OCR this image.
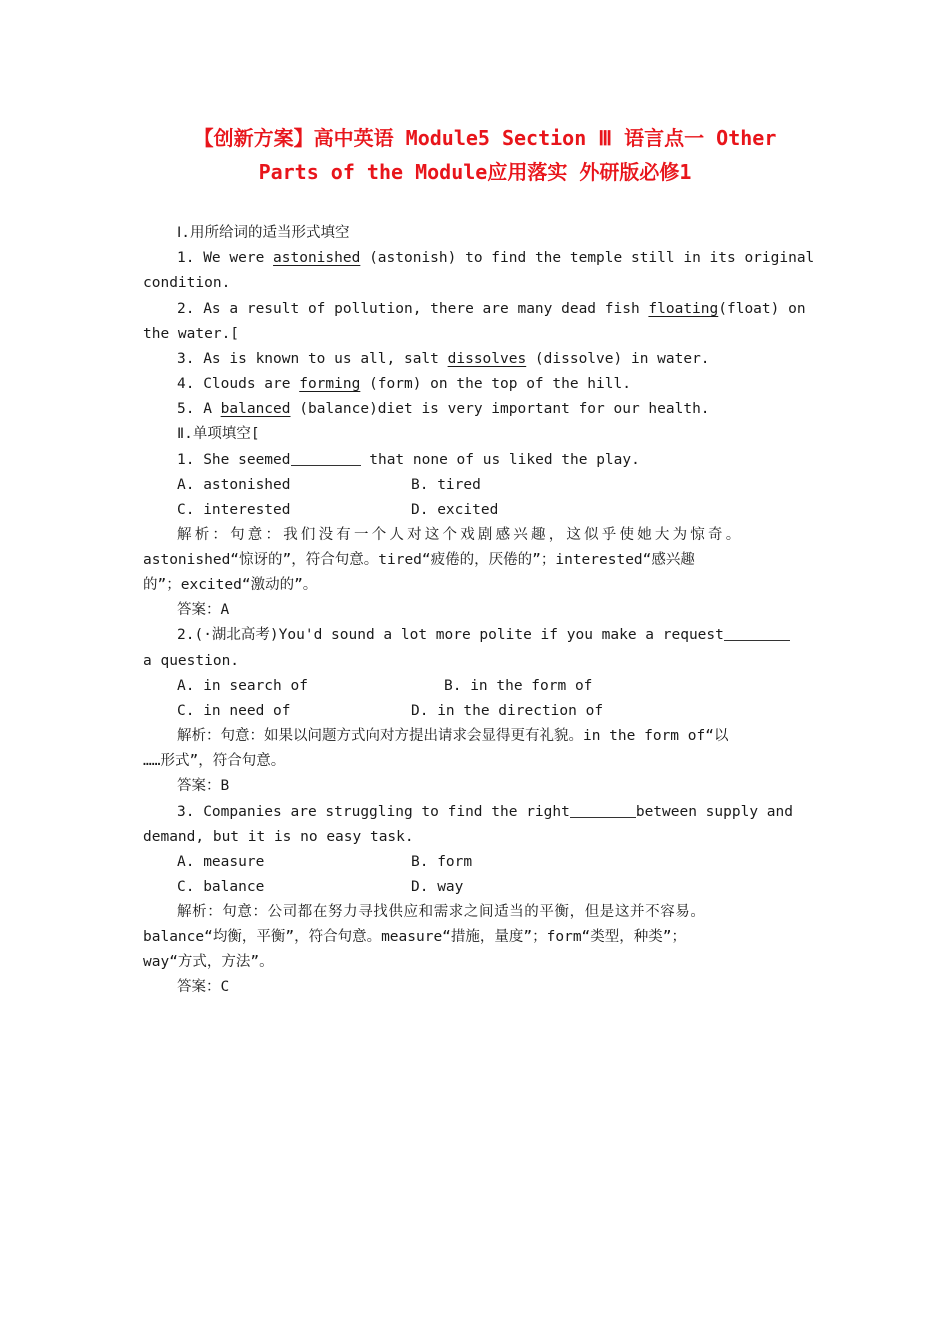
【创新方案】高中英语 Module5 Section Ⅲ 语言点一 Other
Parts of the Module应用落实 外研版必修1
Ⅰ.用所给词的适当形式填空
1. We were astonished (astonish) to find the temple still in its original
condition.
2. As a result of pollution, there are many dead fish floating(float) on
the water.[
3. As is known to us all, salt dissolves (dissolve) in water.
4. Clouds are forming (form) on the top of the hill.
5. A balanced (balance)diet is very important for our health.
Ⅱ.单项填空[
1. She seemed	that none of us liked the play.
A. astonished	B. tired
C. interested	D. excited
解析：句意：我们没有一个人对这个戏剧感兴趣，这似乎使她大为惊奇。
astonished“惊讶的”，符合句意。tired“疲倦的，厌倦的”；interested“感兴趣
的”；excited“激动的”。
答案：A
2.(·湖北高考)You'd sound a lot more polite if you make a request
a question.
A. in search of	B. in the form of
C. in need of	D. in the direction of
解析：句意：如果以问题方式向对方提出请求会显得更有礼貌。in the form of“以
……形式”，符合句意。
答案：B
3. Companies are struggling to find the right	between supply and
demand, but it is no easy task.
A. measure	B. form
C. balance	D. way
解析：句意：公司都在努力寻找供应和需求之间适当的平衡，但是这并不容易。
balance“均衡，平衡”，符合句意。measure“措施，量度”；form“类型，种类”；
way“方式，方法”。
答案：C
